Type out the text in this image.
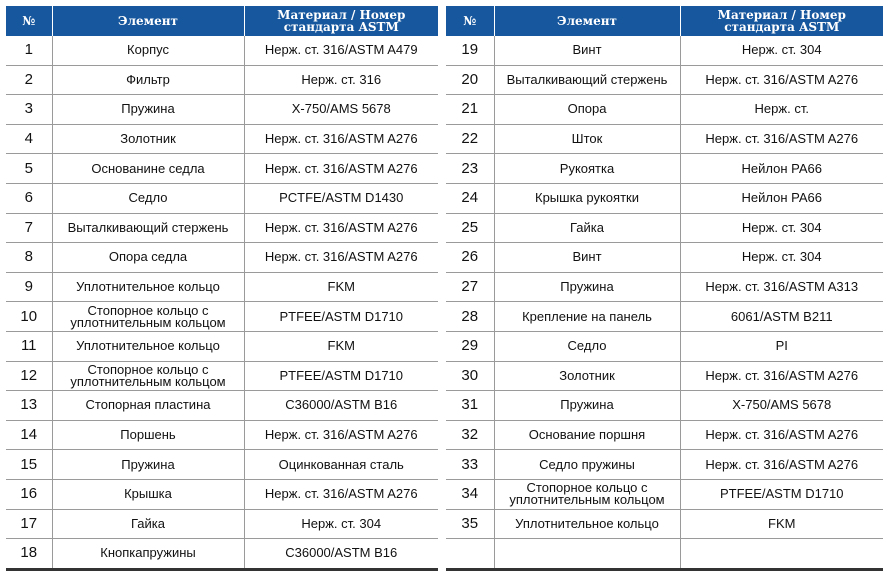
№	Элемент	Материал / Номер стандарта ASTM
1	Корпус	Нерж. ст. 316/ASTM A479
2	Фильтр	Нерж. ст. 316
3	Пружина	X-750/AMS 5678
4	Золотник	Нерж. ст. 316/ASTM A276
5	Основанине седла	Нерж. ст. 316/ASTM A276
6	Седло	PCTFE/ASTM D1430
7	Выталкивающий стержень	Нерж. ст. 316/ASTM A276
8	Опора седла	Нерж. ст. 316/ASTM A276
9	Уплотнительное кольцо	FKM
10	Стопорное кольцо с уплотнительным кольцом	PTFEE/ASTM D1710
11	Уплотнительное кольцо	FKM
12	Стопорное кольцо с уплотнительным кольцом	PTFEE/ASTM D1710
13	Стопорная пластина	C36000/ASTM B16
14	Поршень	Нерж. ст. 316/ASTM A276
15	Пружина	Оцинкованная сталь
16	Крышка	Нерж. ст. 316/ASTM A276
17	Гайка	Нерж. ст. 304
18	Кнопкапружины	C36000/ASTM B16
№	Элемент	Материал / Номер стандарта ASTM
19	Винт	Нерж. ст. 304
20	Выталкивающий стержень	Нерж. ст. 316/ASTM A276
21	Опора	Нерж. ст.
22	Шток	Нерж. ст. 316/ASTM A276
23	Рукоятка	Нейлон PA66
24	Крышка рукоятки	Нейлон PA66
25	Гайка	Нерж. ст. 304
26	Винт	Нерж. ст. 304
27	Пружина	Нерж. ст. 316/ASTM A313
28	Крепление на панель	6061/ASTM B211
29	Седло	PI
30	Золотник	Нерж. ст. 316/ASTM A276
31	Пружина	X-750/AMS 5678
32	Основание поршня	Нерж. ст. 316/ASTM A276
33	Седло пружины	Нерж. ст. 316/ASTM A276
34	Стопорное кольцо с уплотнительным кольцом	PTFEE/ASTM D1710
35	Уплотнительное кольцо	FKM
